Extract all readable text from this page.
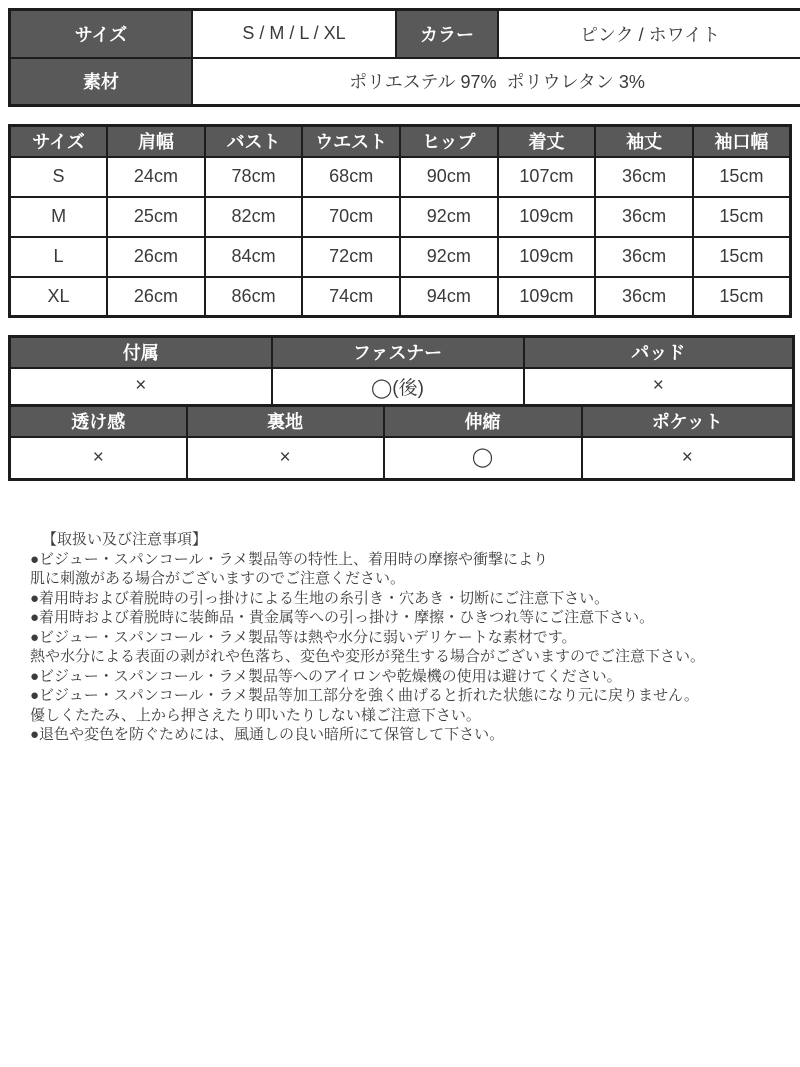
サイズ	S / M / L / XL	カラー	ピンク / ホワイト
素材	ポリエステル 97%  ポリウレタン 3%		
サイズ	肩幅	バスト	ウエスト	ヒップ	着丈	袖丈	袖口幅
S	24cm	78cm	68cm	90cm	107cm	36cm	15cm
M	25cm	82cm	70cm	92cm	109cm	36cm	15cm
L	26cm	84cm	72cm	92cm	109cm	36cm	15cm
XL	26cm	86cm	74cm	94cm	109cm	36cm	15cm
付属	ファスナー	パッド
×	◯(後)	×
透け感	裏地	伸縮	ポケット
×	×	◯	×
【取扱い及び注意事項】
●ビジュー・スパンコール・ラメ製品等の特性上、着用時の摩擦や衝撃により
肌に刺激がある場合がございますのでご注意ください。
●着用時および着脱時の引っ掛けによる生地の糸引き・穴あき・切断にご注意下さい。
●着用時および着脱時に装飾品・貴金属等への引っ掛け・摩擦・ひきつれ等にご注意下さい。
●ビジュー・スパンコール・ラメ製品等は熱や水分に弱いデリケートな素材です。
熱や水分による表面の剥がれや色落ち、変色や変形が発生する場合がございますのでご注意下さい。
●ビジュー・スパンコール・ラメ製品等へのアイロンや乾燥機の使用は避けてください。
●ビジュー・スパンコール・ラメ製品等加工部分を強く曲げると折れた状態になり元に戻りません。
優しくたたみ、上から押さえたり叩いたりしない様ご注意下さい。
●退色や変色を防ぐためには、風通しの良い暗所にて保管して下さい。
